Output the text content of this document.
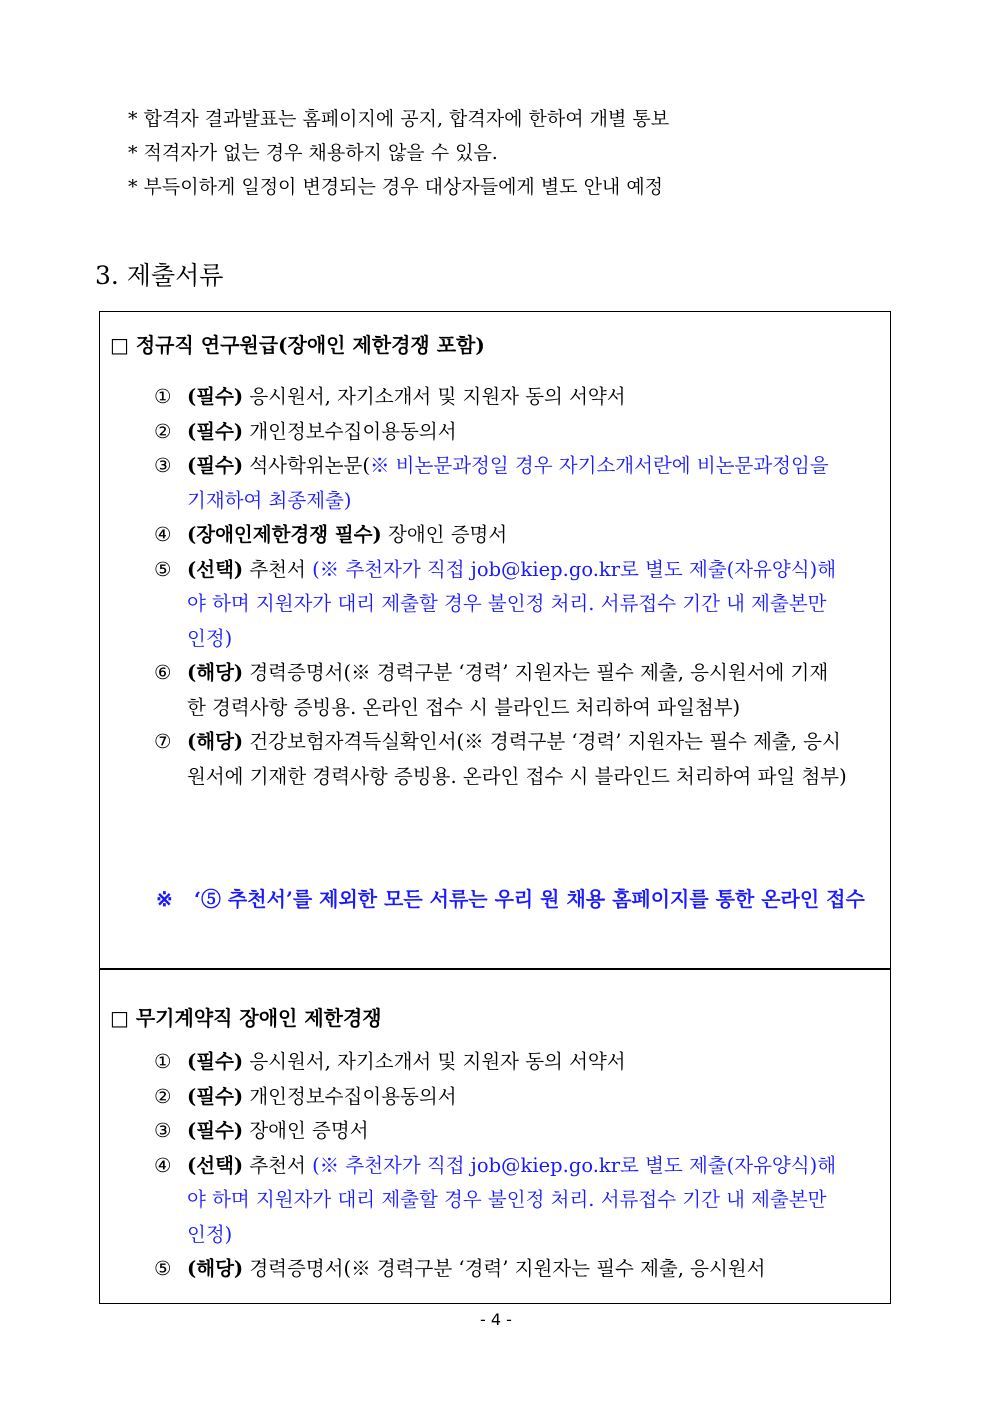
* 합격자 결과발표는 홈페이지에 공지, 합격자에 한하여 개별 통보
* 적격자가 없는 경우 채용하지 않을 수 있음.
* 부득이하게 일정이 변경되는 경우 대상자들에게 별도 안내 예정
3. 제출서류
□ 정규직 연구원급(장애인 제한경쟁 포함)
① (필수) 응시원서, 자기소개서 및 지원자 동의 서약서
② (필수) 개인정보수집이용동의서
③ (필수) 석사학위논문(※ 비논문과정일 경우 자기소개서란에 비논문과정임을 기재하여 최종제출)
④ (장애인제한경쟁 필수) 장애인 증명서
⑤ (선택) 추천서 (※ 추천자가 직접 job@kiep.go.kr로 별도 제출(자유양식)해야 하며 지원자가 대리 제출할 경우 불인정 처리. 서류접수 기간 내 제출본만 인정)
⑥ (해당) 경력증명서(※ 경력구분 ‘경력’ 지원자는 필수 제출, 응시원서에 기재한 경력사항 증빙용. 온라인 접수 시 블라인드 처리하여 파일첨부)
⑦ (해당) 건강보험자격득실확인서(※ 경력구분 ‘경력’ 지원자는 필수 제출, 응시원서에 기재한 경력사항 증빙용. 온라인 접수 시 블라인드 처리하여 파일 첨부)
※ ‘⑤ 추천서’를 제외한 모든 서류는 우리 원 채용 홈페이지를 통한 온라인 접수
□ 무기계약직 장애인 제한경쟁
① (필수) 응시원서, 자기소개서 및 지원자 동의 서약서
② (필수) 개인정보수집이용동의서
③ (필수) 장애인 증명서
④ (선택) 추천서 (※ 추천자가 직접 job@kiep.go.kr로 별도 제출(자유양식)해야 하며 지원자가 대리 제출할 경우 불인정 처리. 서류접수 기간 내 제출본만 인정)
⑤ (해당) 경력증명서(※ 경력구분 ‘경력’ 지원자는 필수 제출, 응시원서
- 4 -
